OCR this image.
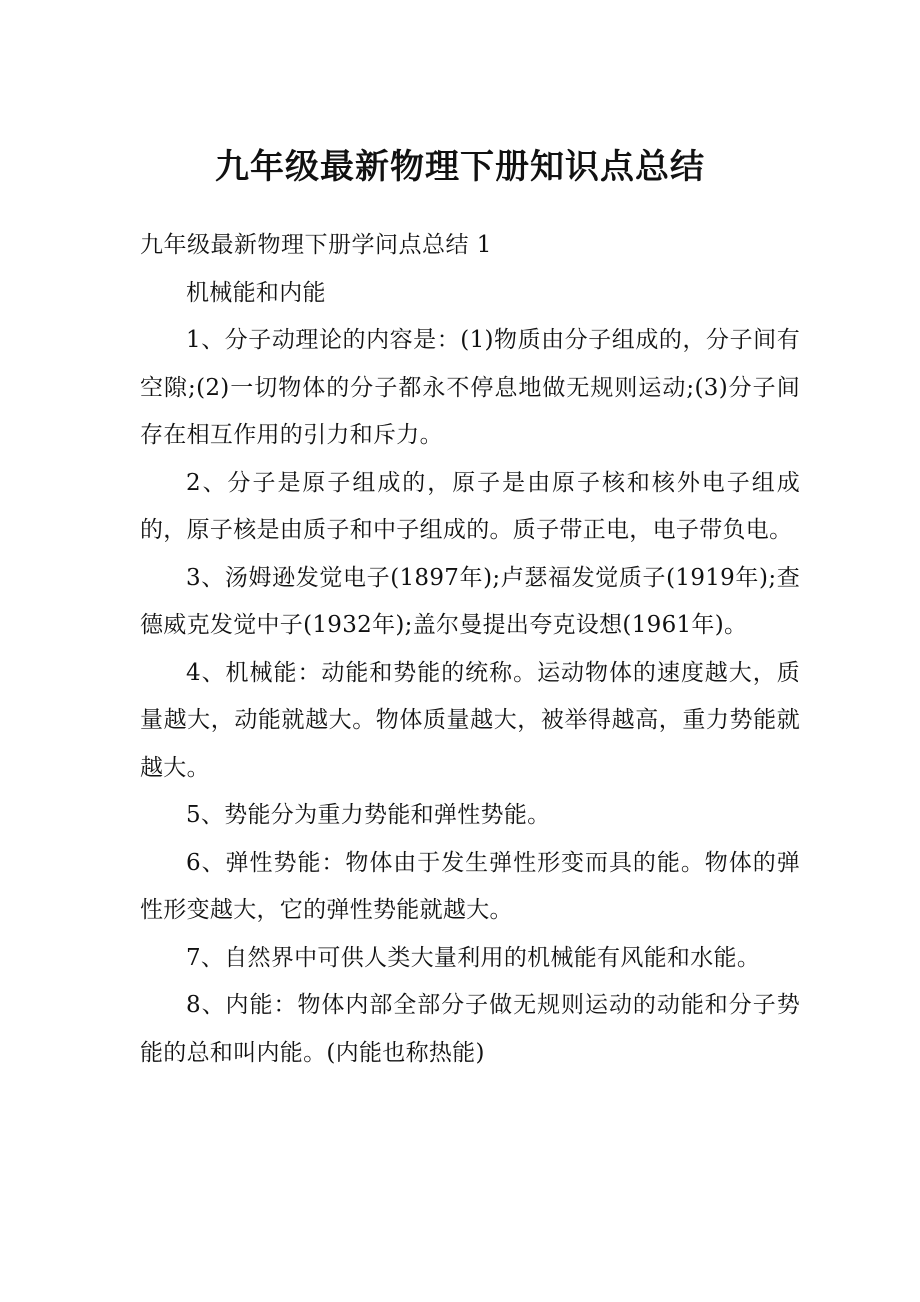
九年级最新物理下册知识点总结

九年级最新物理下册学问点总结 1

机械能和内能

1、分子动理论的内容是：(1)物质由分子组成的，分子间有空隙;(2)一切物体的分子都永不停息地做无规则运动;(3)分子间存在相互作用的引力和斥力。

2、分子是原子组成的，原子是由原子核和核外电子组成的，原子核是由质子和中子组成的。质子带正电，电子带负电。

3、汤姆逊发觉电子(1897年);卢瑟福发觉质子(1919年);查德威克发觉中子(1932年);盖尔曼提出夸克设想(1961年)。

4、机械能：动能和势能的统称。运动物体的速度越大，质量越大，动能就越大。物体质量越大，被举得越高，重力势能就越大。

5、势能分为重力势能和弹性势能。

6、弹性势能：物体由于发生弹性形变而具的能。物体的弹性形变越大，它的弹性势能就越大。

7、自然界中可供人类大量利用的机械能有风能和水能。

8、内能：物体内部全部分子做无规则运动的动能和分子势能的总和叫内能。(内能也称热能)
